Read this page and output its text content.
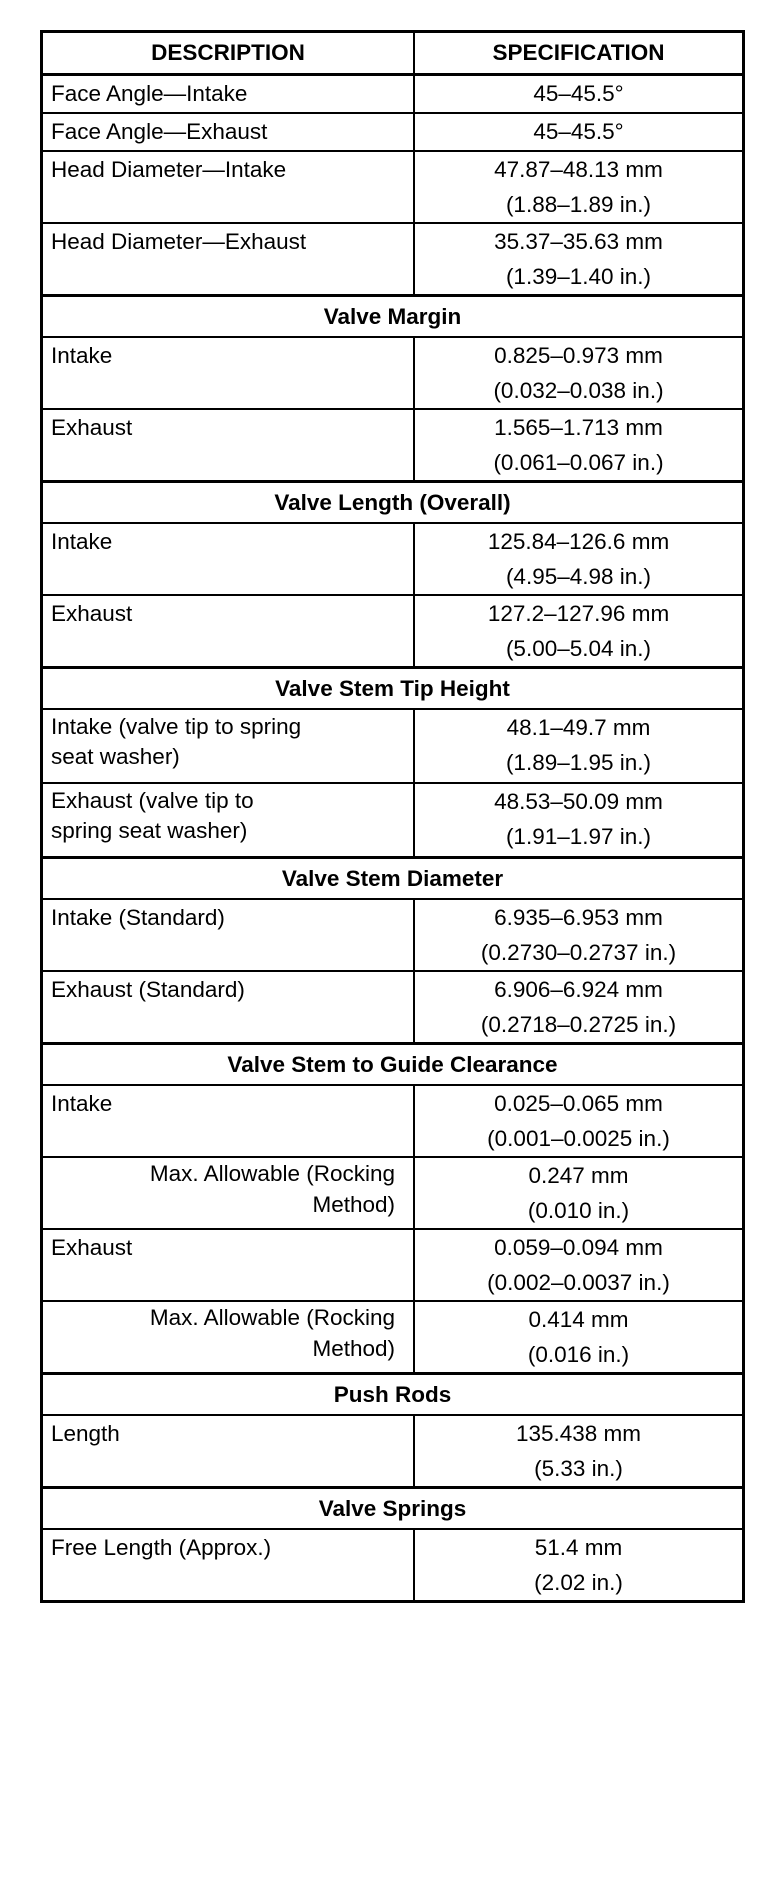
DESCRIPTION	SPECIFICATION

Face Angle—Intake	45–45.5°

Face Angle—Exhaust	45–45.5°

Head Diameter—Intake	47.87–48.13 mm
(1.88–1.89 in.)

Head Diameter—Exhaust	35.37–35.63 mm
(1.39–1.40 in.)

Valve Margin	

Intake	0.825–0.973 mm
(0.032–0.038 in.)

Exhaust	1.565–1.713 mm
(0.061–0.067 in.)

Valve Length (Overall)	

Intake	125.84–126.6 mm
(4.95–4.98 in.)

Exhaust	127.2–127.96 mm
(5.00–5.04 in.)

Valve Stem Tip Height	

Intake (valve tip to spring
seat washer)	48.1–49.7 mm
(1.89–1.95 in.)

Exhaust (valve tip to
spring seat washer)	48.53–50.09 mm
(1.91–1.97 in.)

Valve Stem Diameter	

Intake (Standard)	6.935–6.953 mm
(0.2730–0.2737 in.)

Exhaust (Standard)	6.906–6.924 mm
(0.2718–0.2725 in.)

Valve Stem to Guide Clearance	

Intake	0.025–0.065 mm
(0.001–0.0025 in.)

Max. Allowable (Rocking
Method)	0.247 mm
(0.010 in.)

Exhaust	0.059–0.094 mm
(0.002–0.0037 in.)

Max. Allowable (Rocking
Method)	0.414 mm
(0.016 in.)

Push Rods	

Length	135.438 mm
(5.33 in.)

Valve Springs	

Free Length (Approx.)	51.4 mm
(2.02 in.)
